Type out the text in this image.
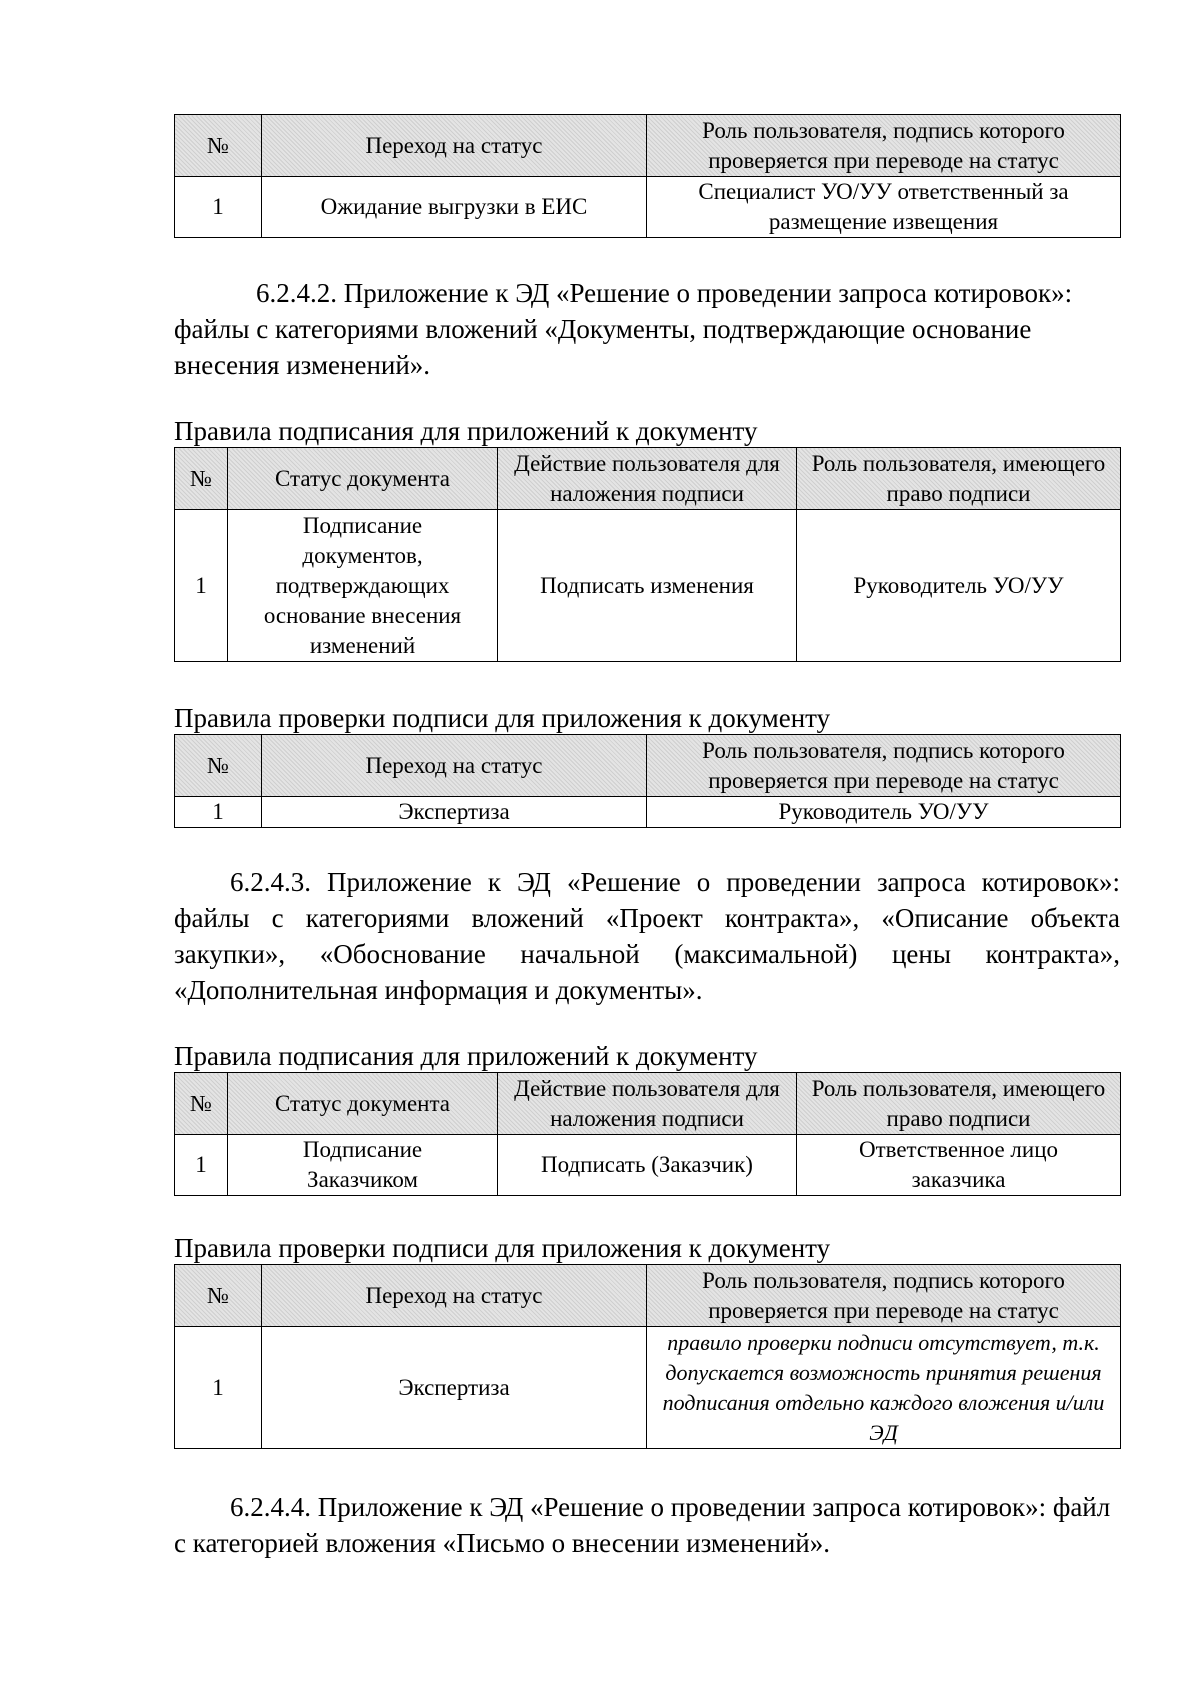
№	Переход на статус	Роль пользователя, подпись которого проверяется при переводе на статус
1	Ожидание выгрузки в ЕИС	Специалист УО/УУ ответственный за размещение извещения

6.2.4.2. Приложение к ЭД «Решение о проведении запроса котировок»: файлы с категориями вложений «Документы, подтверждающие основание внесения изменений».

Правила подписания для приложений к документу

№	Статус документа	Действие пользователя для наложения подписи	Роль пользователя, имеющего право подписи
1	Подписание документов, подтверждающих основание внесения изменений	Подписать изменения	Руководитель УО/УУ

Правила проверки подписи для приложения к документу

№	Переход на статус	Роль пользователя, подпись которого проверяется при переводе на статус
1	Экспертиза	Руководитель УО/УУ

6.2.4.3. Приложение к ЭД «Решение о проведении запроса котировок»: файлы с категориями вложений «Проект контракта», «Описание объекта закупки», «Обоснование начальной (максимальной) цены контракта», «Дополнительная информация и документы».

Правила подписания для приложений к документу

№	Статус документа	Действие пользователя для наложения подписи	Роль пользователя, имеющего право подписи
1	Подписание Заказчиком	Подписать (Заказчик)	Ответственное лицо заказчика

Правила проверки подписи для приложения к документу

№	Переход на статус	Роль пользователя, подпись которого проверяется при переводе на статус
1	Экспертиза	правило проверки подписи отсутствует, т.к. допускается возможность принятия решения подписания отдельно каждого вложения и/или ЭД

6.2.4.4. Приложение к ЭД «Решение о проведении запроса котировок»: файл с категорией вложения «Письмо о внесении изменений».
